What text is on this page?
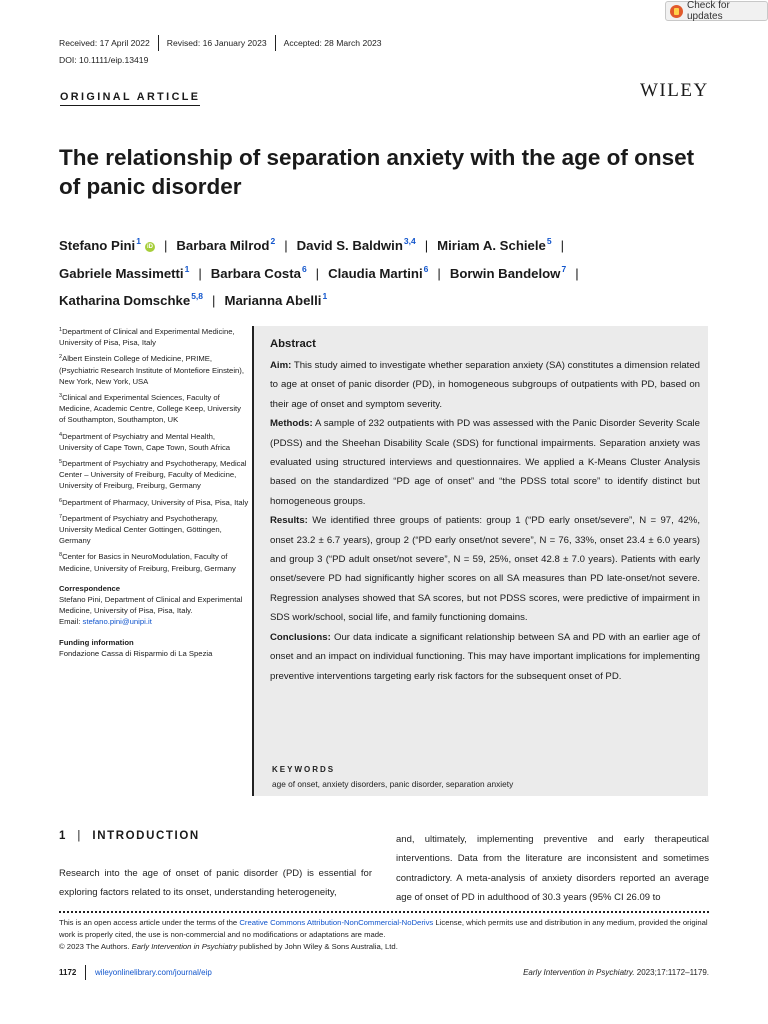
Check for updates
Received: 17 April 2022 Revised: 16 January 2023 Accepted: 28 March 2023
DOI: 10.1111/eip.13419
ORIGINAL ARTICLE	WILEY
The relationship of separation anxiety with the age of onset of panic disorder
Stefano Pini$^1$iD | Barbara Milrod$^2$ | David S. Baldwin$^{3,4}$ | Miriam A. Schiele$^5$ |
Gabriele Massimetti$^1$ | Barbara Costa$^6$ | Claudia Martini$^6$ | Borwin Bandelow$^7$ |
Katharina Domschke$^{5,8}$ | Marianna Abelli$^1$
$^1$Department of Clinical and Experimental Medicine, University of Pisa, Pisa, Italy
$^2$Albert Einstein College of Medicine, PRIME, (Psychiatric Research Institute of Montefiore Einstein), New York, New York, USA
$^3$Clinical and Experimental Sciences, Faculty of Medicine, Academic Centre, College Keep, University of Southampton, Southampton, UK
$^4$Department of Psychiatry and Mental Health, University of Cape Town, Cape Town, South Africa
$^5$Department of Psychiatry and Psychotherapy, Medical Center – University of Freiburg, Faculty of Medicine, University of Freiburg, Freiburg, Germany
$^6$Department of Pharmacy, University of Pisa, Pisa, Italy
$^7$Department of Psychiatry and Psychotherapy, University Medical Center Gottingen, Göttingen, Germany
$^8$Center for Basics in NeuroModulation, Faculty of Medicine, University of Freiburg, Freiburg, Germany
Correspondence
Stefano Pini, Department of Clinical and Experimental Medicine, University of Pisa, Pisa, Italy.
Email: stefano.pini@unipi.it
Funding information
Fondazione Cassa di Risparmio di La Spezia
Abstract

Aim: This study aimed to investigate whether separation anxiety (SA) constitutes a dimension related to age at onset of panic disorder (PD), in homogeneous subgroups of outpatients with PD, based on their age of onset and symptom severity.

Methods: A sample of 232 outpatients with PD was assessed with the Panic Disorder Severity Scale (PDSS) and the Sheehan Disability Scale (SDS) for functional impairments. Separation anxiety was evaluated using structured interviews and questionnaires. We applied a K-Means Cluster Analysis based on the standardized “PD age of onset” and “the PDSS total score” to identify distinct but homogeneous groups.

Results: We identified three groups of patients: group 1 (“PD early onset/severe”, N = 97, 42%, onset 23.2 ± 6.7 years), group 2 (“PD early onset/not severe”, N = 76, 33%, onset 23.4 ± 6.0 years) and group 3 (“PD adult onset/not severe”, N = 59, 25%, onset 42.8 ± 7.0 years). Patients with early onset/severe PD had significantly higher scores on all SA measures than PD late-onset/not severe. Regression analyses showed that SA scores, but not PDSS scores, were predictive of impairment in SDS work/school, social life, and family functioning domains.

Conclusions: Our data indicate a significant relationship between SA and PD with an earlier age of onset and an impact on individual functioning. This may have important implications for implementing preventive interventions targeting early risk factors for the subsequent onset of PD.

KEYWORDS
age of onset, anxiety disorders, panic disorder, separation anxiety
1 | INTRODUCTION

Research into the age of onset of panic disorder (PD) is essential for exploring factors related to its onset, understanding heterogeneity,

and, ultimately, implementing preventive and early therapeutical interventions. Data from the literature are inconsistent and sometimes contradictory. A meta-analysis of anxiety disorders reported an average age of onset of PD in adulthood of 30.3 years (95% CI 26.09 to

This is an open access article under the terms of the Creative Commons Attribution-NonCommercial-NoDerivs License, which permits use and distribution in any medium, provided the original work is properly cited, the use is non-commercial and no modifications or adaptations are made.
© 2023 The Authors. Early Intervention in Psychiatry published by John Wiley & Sons Australia, Ltd.
1172 wileyonlinelibrary.com/journal/eip	Early Intervention in Psychiatry. 2023;17:1172–1179.
